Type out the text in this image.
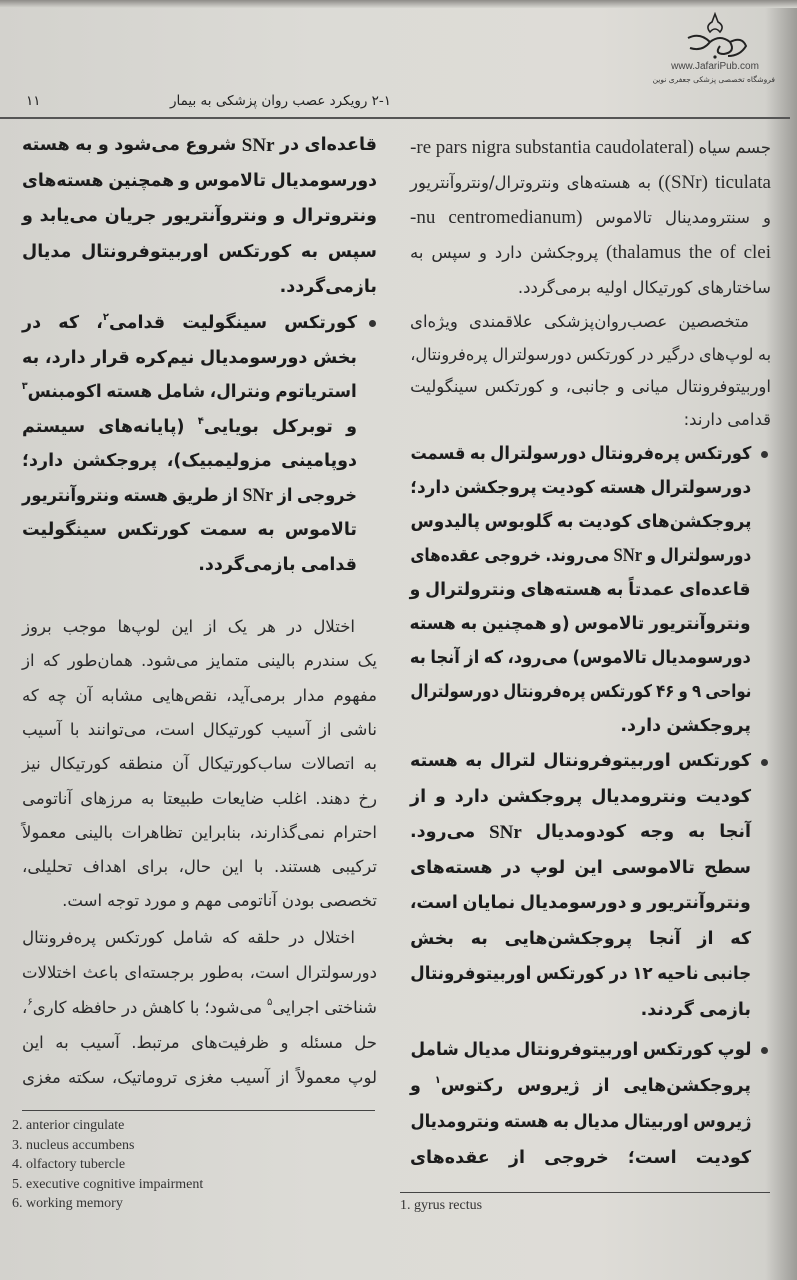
www.JafariPub.com
فروشگاه تخصصی پزشکی جعفری نوین
۲-۱ رویکرد عصب روان پزشکی به بیمار
۱۱
قاعده‌ای
در
SNr
شروع
می‌شود
و
به
هسته
دورسومدیال
تالاموس
و
همچنین
هسته‌های
ونتروترال
و
ونتروآنتریور
جریان
می‌یابد
و
سپس
به
کورتکس
اوربیتوفرونتال
مدیال
بازمی‌گردد.
کورتکس
سینگولیت
قدامی$^۲$،
که
در
بخش
دورسومدیال
نیم‌کره
قرار
دارد،
به
استریاتوم
ونترال،
شامل
هسته
اکومبنس$^۳$
و
توبرکل
بویایی$^۴$
(پایانه‌های
سیستم
دوپامینی
مزولیمبیک)،
پروجکشن
دارد؛
خروجی
از
SNr
از
طریق
هسته
ونتروآنتریور
تالاموس
به
سمت
کورتکس
سینگولیت
قدامی
بازمی‌گردد.
اختلال
در
هر
یک
از
این
لوپ‌ها
موجب
بروز
یک
سندرم
بالینی
متمایز
می‌شود.
همان‌طور
که
از
مفهوم
مدار
برمی‌آید،
نقص‌هایی
مشابه
آن
چه
که
ناشی
از
آسیب
کورتیکال
است،
می‌توانند
با
آسیب
به
اتصالات
ساب‌کورتیکال
آن
منطقه
کورتیکال
نیز
رخ
دهند.
اغلب
ضایعات
طبیعتا
به
مرزهای
آناتومی
احترام
نمی‌گذارند،
بنابراین
تظاهرات
بالینی
معمولاً
ترکیبی
هستند.
با
این
حال،
برای
اهداف
تحلیلی،
تخصصی
بودن
آناتومی
مهم
و
مورد
توجه
است.
اختلال
در
حلقه
که
شامل
کورتکس
پره‌فرونتال
دورسولترال
است،
به‌طور
برجسته‌ای
باعث
اختلالات
شناختی
اجرایی$^۵$
می‌شود؛
با
کاهش
در
حافظه
کاری$^۶$،
حل
مسئله
و
ظرفیت‌های
مرتبط.
آسیب
به
این
لوپ
معمولاً
از
آسیب
مغزی
تروماتیک،
سکته
مغزی
2. anterior cingulate
3. nucleus accumbens
4. olfactory tubercle
5. executive cognitive impairment
6. working memory
جسم
سیاه
(caudolateral
substantia
nigra
pars
re-
ticulata
(SNr))
به
هسته‌های
ونتروترال/ونتروآنتریور
و
سنترومدینال
تالاموس
(centromedianum
nu-
clei
of
the
thalamus)
پروجکشن
دارد
و
سپس
به
ساختارهای
کورتیکال
اولیه
برمی‌گردد.
متخصصین
عصب‌روان‌پزشکی
علاقمندی
ویژه‌ای
به
لوپ‌های
درگیر
در
کورتکس
دورسولترال
پره‌فرونتال،
اوربیتوفرونتال
میانی
و
جانبی،
و
کورتکس
سینگولیت
قدامی
دارند:
کورتکس
پره‌فرونتال
دورسولترال
به
قسمت
دورسولترال
هسته
کودیت
پروجکشن
دارد؛
پروجکشن‌های
کودیت
به
گلوبوس
پالیدوس
دورسولترال
و
SNr
می‌روند.
خروجی
عقده‌های
قاعده‌ای
عمدتاً
به
هسته‌های
ونترولترال
و
ونتروآنتریور
تالاموس
(و
همچنین
به
هسته
دورسومدیال
تالاموس)
می‌رود،
که
از
آنجا
به
نواحی
۹
و
۴۶
کورتکس
پره‌فرونتال
دورسولترال
پروجکشن
دارد.
کورتکس
اوربیتوفرونتال
لترال
به
هسته
کودیت
ونترومدیال
پروجکشن
دارد
و
از
آنجا
به
وجه
کودومدیال
SNr
می‌رود.
سطح
تالاموسی
این
لوپ
در
هسته‌های
ونتروآنتریور
و
دورسومدیال
نمایان
است،
که
از
آنجا
پروجکشن‌هایی
به
بخش
جانبی
ناحیه
۱۲
در
کورتکس
اوربیتوفرونتال
بازمی
گردند.
لوپ
کورتکس
اوربیتوفرونتال
مدیال
شامل
پروجکشن‌هایی
از
ژیروس
رکتوس$^۱$
و
ژیروس
اوربیتال
مدیال
به
هسته
ونترومدیال
کودیت
است؛
خروجی
از
عقده‌های
1. gyrus rectus
